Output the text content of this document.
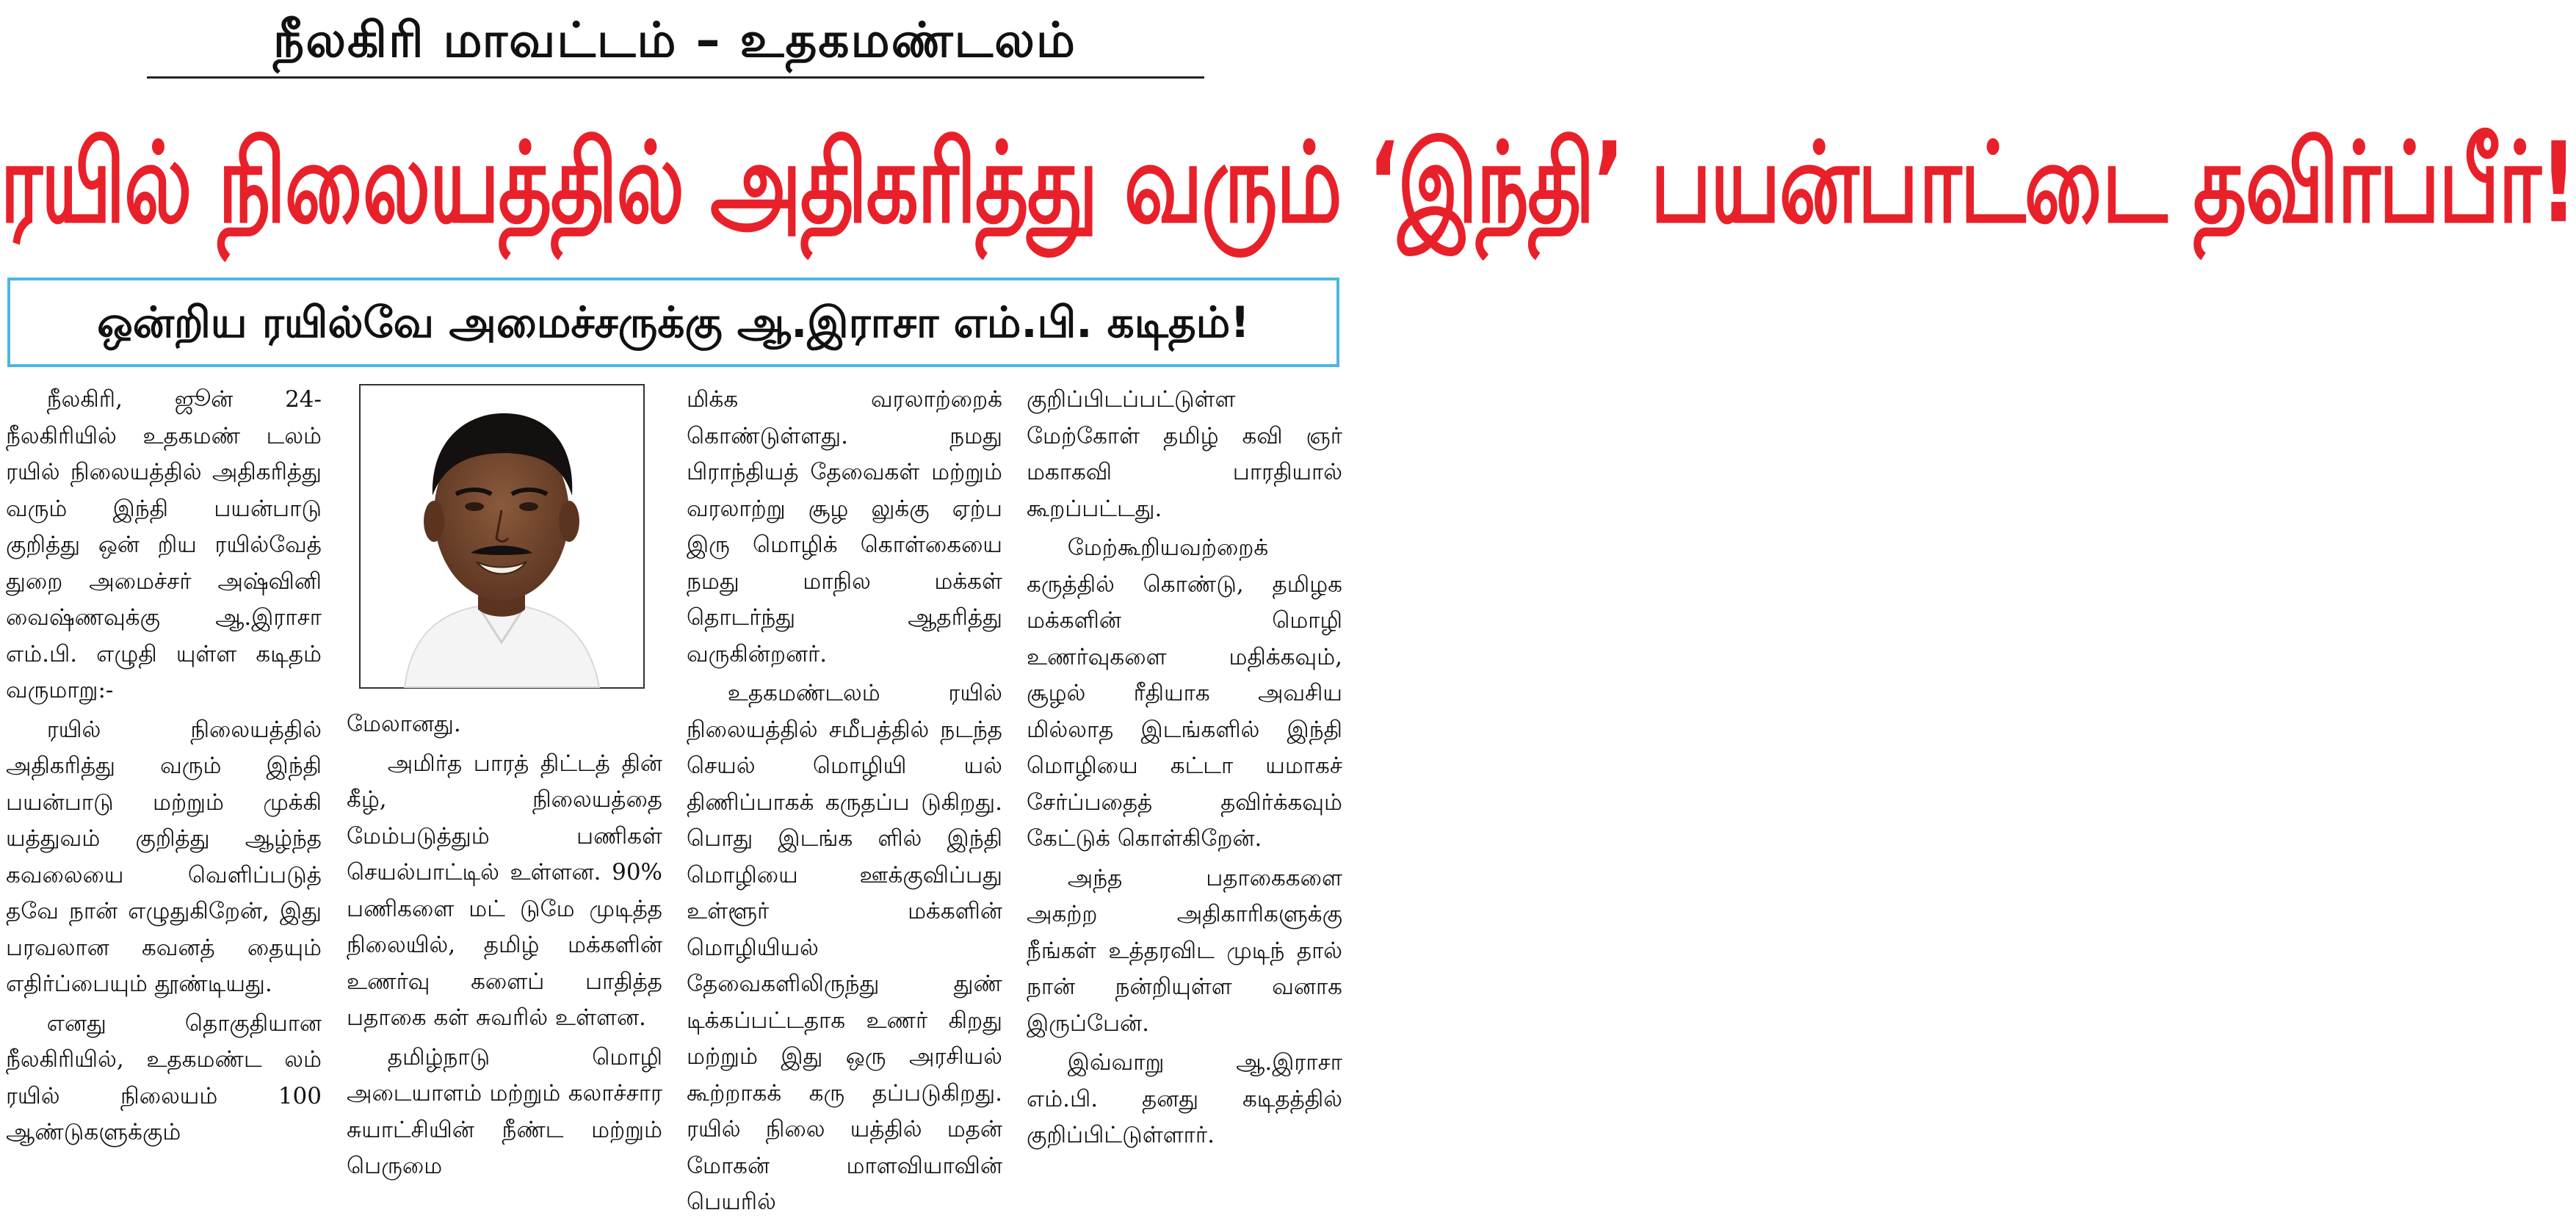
நீலகிரி மாவட்டம் – உதகமண்டலம்
ரயில் நிலையத்தில் அதிகரித்து வரும் ‘இந்தி’ பயன்பாட்டை தவிர்ப்பீர்!
ஒன்றிய ரயில்வே அமைச்சருக்கு ஆ.இராசா எம்.பி. கடிதம்!

நீலகிரி, ஜூன் 24- நீலகிரியில் உதகமண் டலம் ரயில் நிலையத்தில் அதிகரித்து வரும் இந்தி பயன்பாடு குறித்து ஒன் றிய ரயில்வேத் துறை அமைச்சர் அஷ்வினி வைஷ்ணவுக்கு ஆ.இராசா எம்.பி. எழுதி யுள்ள கடிதம் வருமாறு:-

ரயில் நிலையத்தில் அதிகரித்து வரும் இந்தி பயன்பாடு மற்றும் முக்கி யத்துவம் குறித்து ஆழ்ந்த கவலையை வெளிப்படுத் தவே நான் எழுதுகிறேன், இது பரவலான கவனத் தையும் எதிர்ப்பையும் தூண்டியது.

எனது தொகுதியான நீலகிரியில், உதகமண்ட லம் ரயில் நிலையம் 100 ஆண்டுகளுக்கும்

மேலானது.

அமிர்த பாரத் திட்டத் தின் கீழ், நிலையத்தை மேம்படுத்தும் பணிகள் செயல்பாட்டில் உள்ளன. 90% பணிகளை மட் டுமே முடித்த நிலையில், தமிழ் மக்களின் உணர்வு களைப் பாதித்த பதாகை கள் சுவரில் உள்ளன.

தமிழ்நாடு மொழி அடையாளம் மற்றும் கலாச்சார சுயாட்சியின் நீண்ட மற்றும் பெருமை

மிக்க வரலாற்றைக் கொண்டுள்ளது. நமது பிராந்தியத் தேவைகள் மற்றும் வரலாற்று சூழ லுக்கு ஏற்ப இரு மொழிக் கொள்கையை நமது மாநில மக்கள் தொடர்ந்து ஆதரித்து வருகின்றனர்.

உதகமண்டலம் ரயில் நிலையத்தில் சமீபத்தில் நடந்த செயல் மொழியி யல் திணிப்பாகக் கருதப்ப டுகிறது. பொது இடங்க ளில் இந்தி மொழியை ஊக்குவிப்பது உள்ளூர் மக்களின் மொழியியல் தேவைகளிலிருந்து துண் டிக்கப்பட்டதாக உணர் கிறது மற்றும் இது ஒரு அரசியல் கூற்றாகக் கரு தப்படுகிறது. ரயில் நிலை யத்தில் மதன் மோகன் மாளவியாவின் பெயரில்

குறிப்பிடப்பட்டுள்ள மேற்கோள் தமிழ் கவி ஞர் மகாகவி பாரதியால் கூறப்பட்டது.

மேற்கூறியவற்றைக் கருத்தில் கொண்டு, தமிழக மக்களின் மொழி உணர்வுகளை மதிக்கவும், சூழல் ரீதியாக அவசிய மில்லாத இடங்களில் இந்தி மொழியை கட்டா யமாகச் சேர்ப்பதைத் தவிர்க்கவும் கேட்டுக் கொள்கிறேன்.

அந்த பதாகைகளை அகற்ற அதிகாரிகளுக்கு நீங்கள் உத்தரவிட முடிந் தால் நான் நன்றியுள்ள வனாக இருப்பேன்.

இவ்வாறு ஆ.இராசா எம்.பி. தனது கடிதத்தில் குறிப்பிட்டுள்ளார்.
